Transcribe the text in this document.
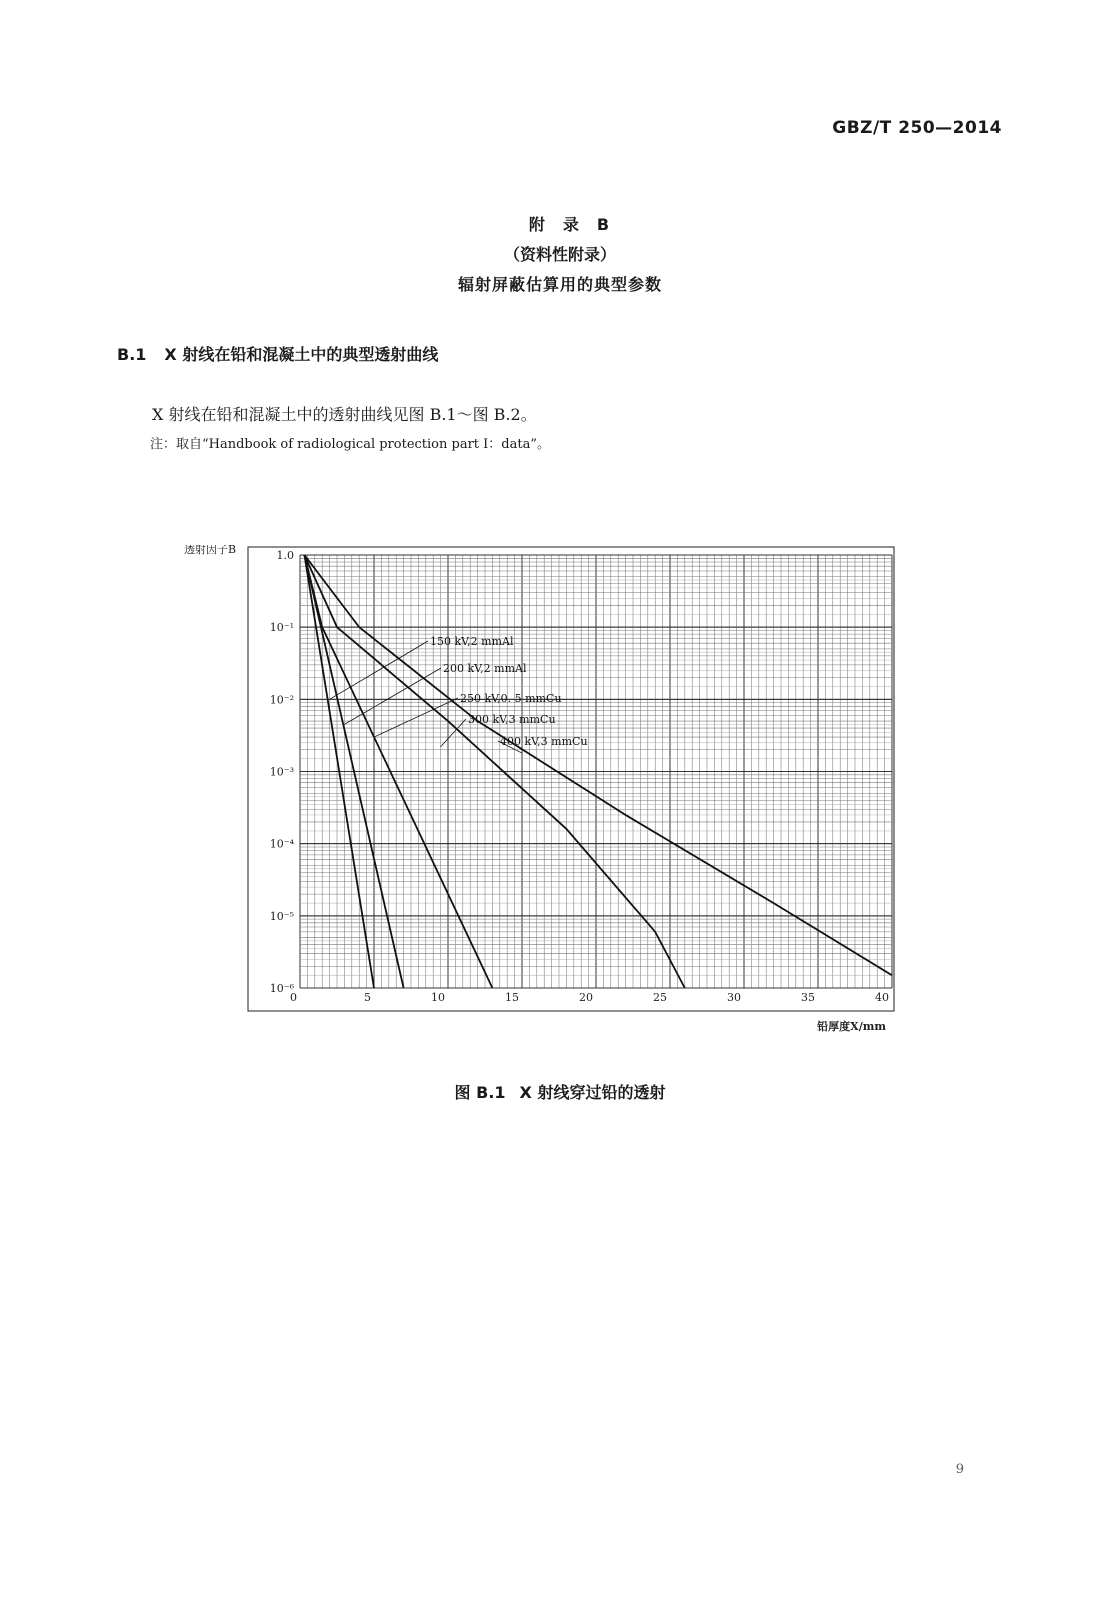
GBZ/T 250—2014
附录B
（资料性附录）
辐射屏蔽估算用的典型参数
B.1 X 射线在铅和混凝土中的典型透射曲线
X 射线在铅和混凝土中的透射曲线见图 B.1～图 B.2。
注：取自“Handbook of radiological protection part Ⅰ：data”。
1.0
10⁻¹
10⁻²
10⁻³
10⁻⁴
10⁻⁵
10⁻⁶
0	5	10	15	20	25	30	35	40
透射因子B
铅厚度X/mm
150 kV,2 mmAl
200 kV,2 mmAl
250 kV,0. 5 mmCu
300 kV,3 mmCu
400 kV,3 mmCu
图 B.1 X 射线穿过铅的透射
9
